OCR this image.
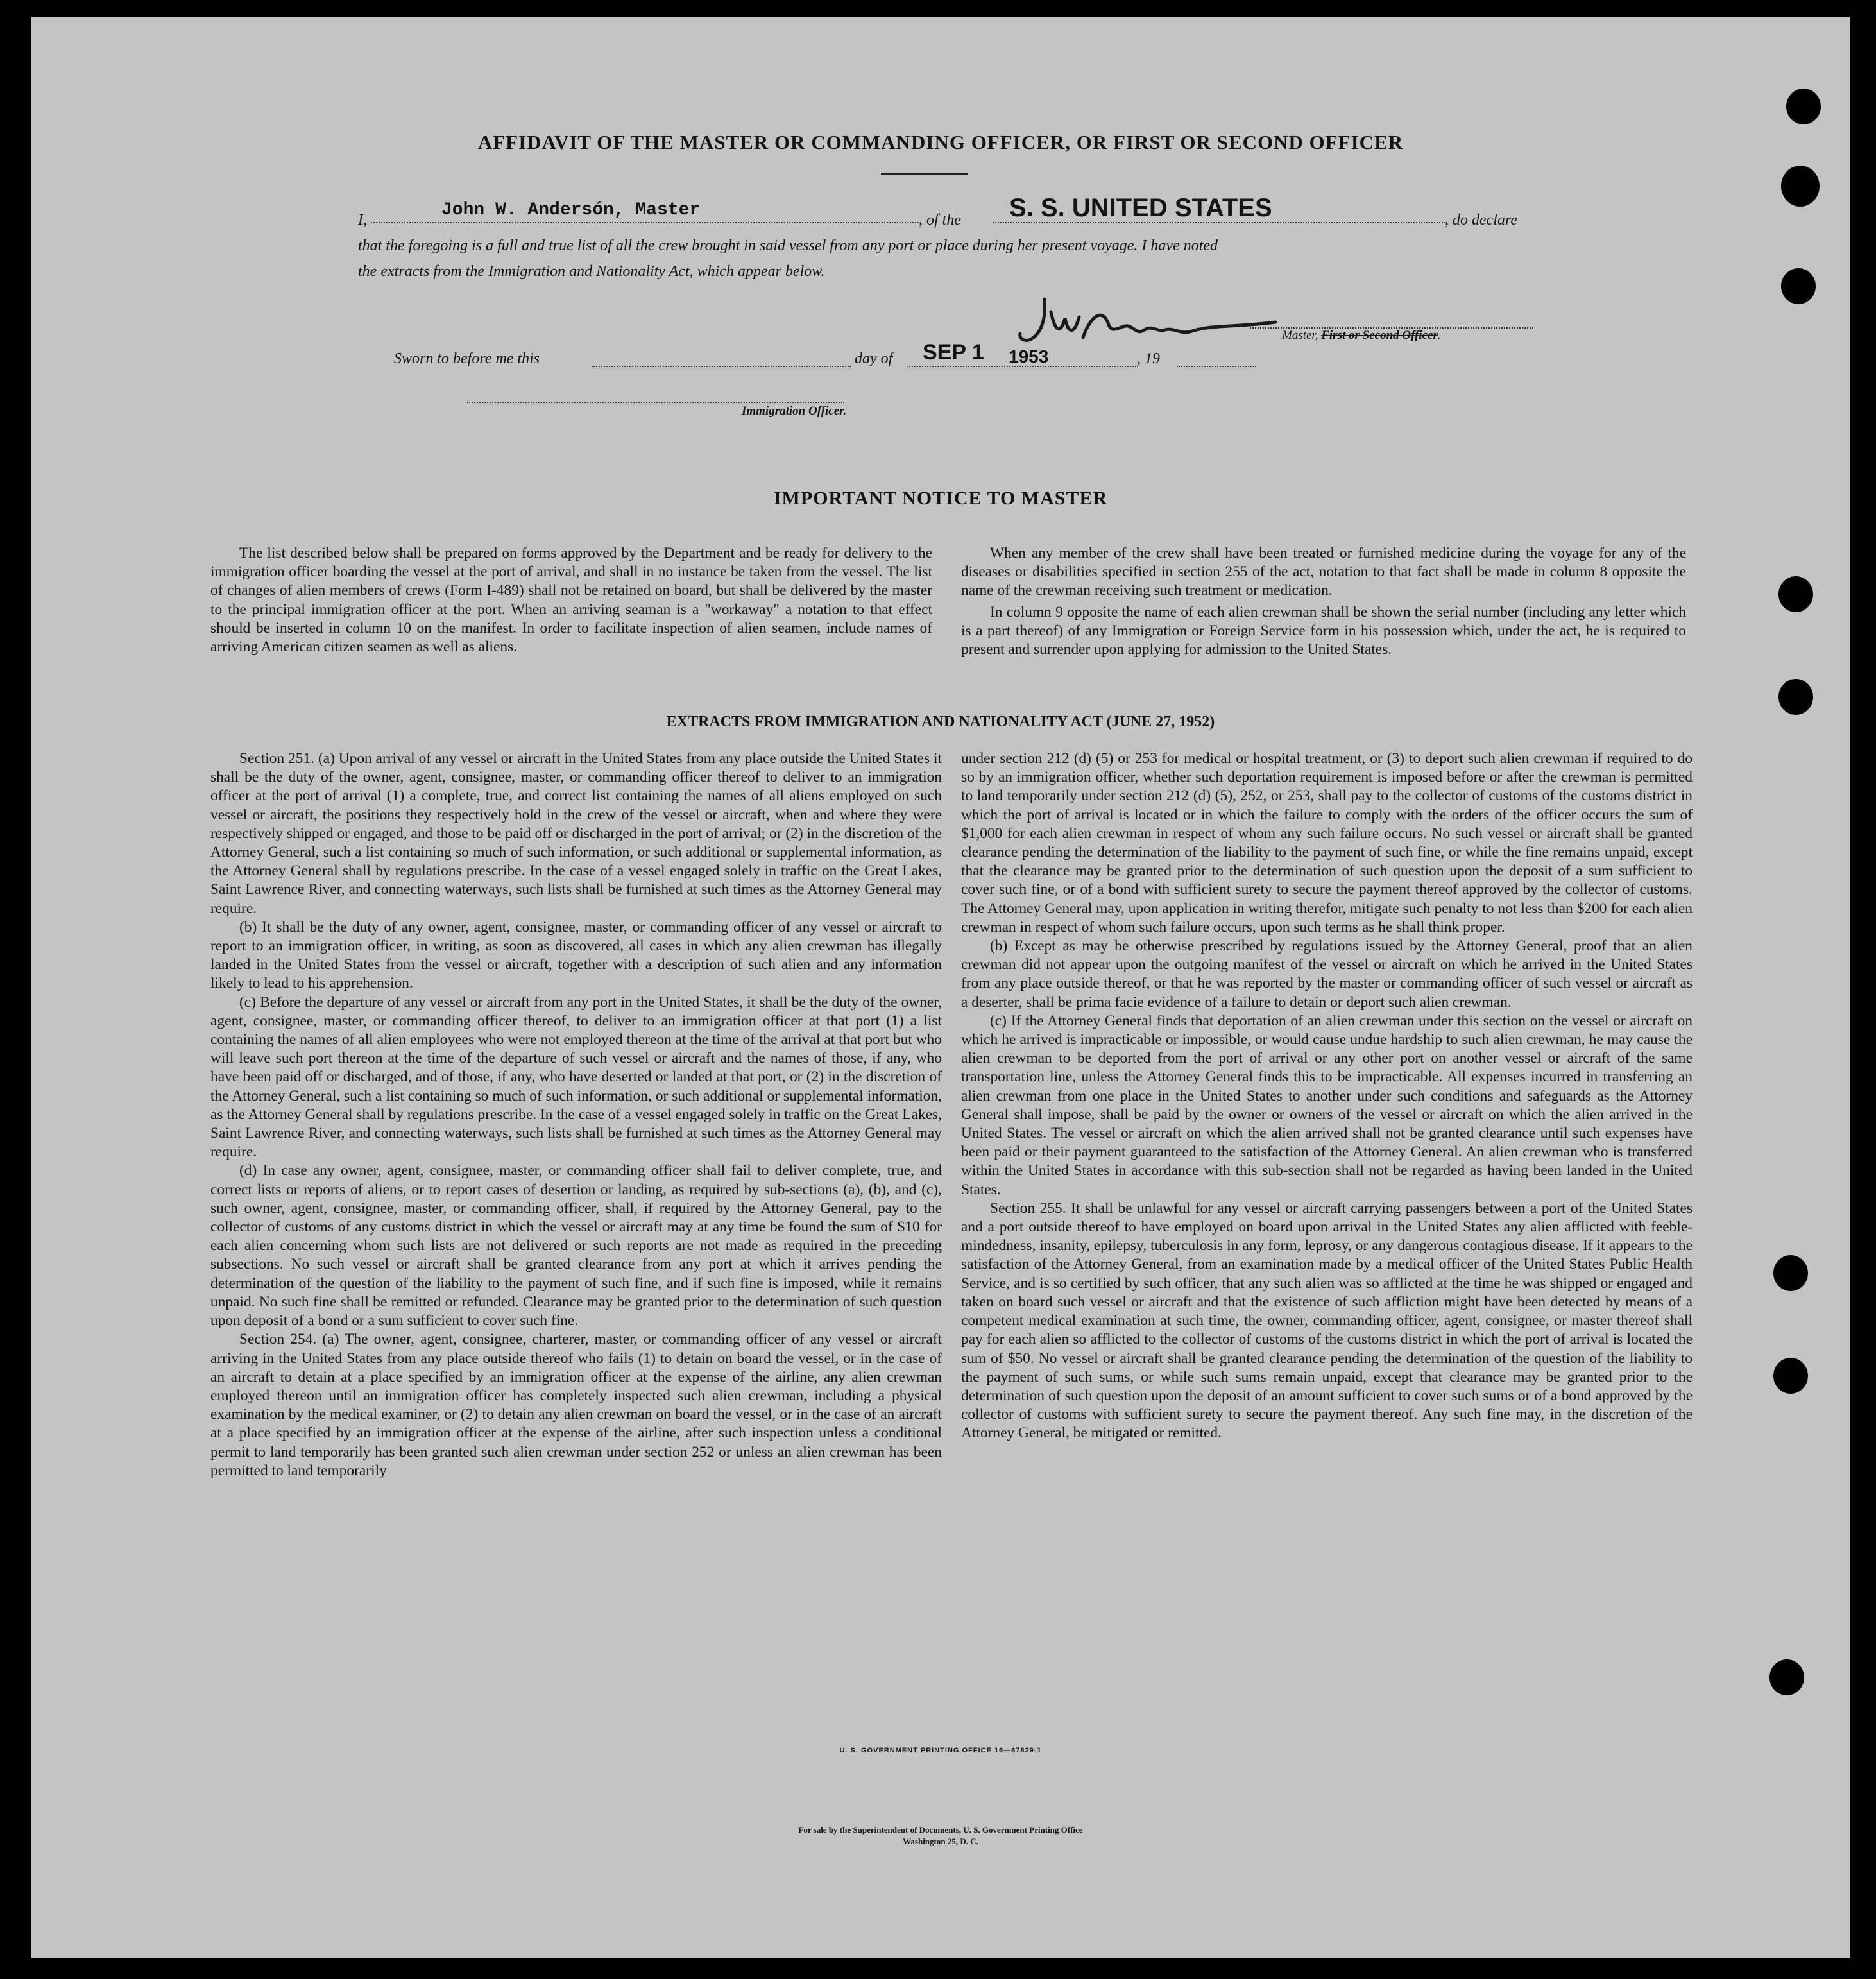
AFFIDAVIT OF THE MASTER OR COMMANDING OFFICER, OR FIRST OR SECOND OFFICER
I,	John W. Andersón, Master	, of the S. S. UNITED STATES	, do declare
that the foregoing is a full and true list of all the crew brought in said vessel from any port or place during her present voyage. I have noted
the extracts from the Immigration and Nationality Act, which appear below.
Master, First or Second Officer.
Sworn to before me this	day of SEP 1 1953	, 19
Immigration Officer.
IMPORTANT NOTICE TO MASTER

The list described below shall be prepared on forms approved by the Department and be ready for delivery to the immigration officer boarding the vessel at the port of arrival, and shall in no instance be taken from the vessel. The list of changes of alien members of crews (Form I-489) shall not be retained on board, but shall be delivered by the master to the principal immigration officer at the port. When an arriving seaman is a "workaway" a notation to that effect should be inserted in column 10 on the manifest. In order to facilitate inspection of alien seamen, include names of arriving American citizen seamen as well as aliens.

When any member of the crew shall have been treated or furnished medicine during the voyage for any of the diseases or disabilities specified in section 255 of the act, notation to that fact shall be made in column 8 opposite the name of the crewman receiving such treatment or medication.

In column 9 opposite the name of each alien crewman shall be shown the serial number (including any letter which is a part thereof) of any Immigration or Foreign Service form in his possession which, under the act, he is required to present and surrender upon applying for admission to the United States.

EXTRACTS FROM IMMIGRATION AND NATIONALITY ACT (JUNE 27, 1952)

Section 251. (a) Upon arrival of any vessel or aircraft in the United States from any place outside the United States it shall be the duty of the owner, agent, consignee, master, or commanding officer thereof to deliver to an immigration officer at the port of arrival (1) a complete, true, and correct list containing the names of all aliens employed on such vessel or aircraft, the positions they respectively hold in the crew of the vessel or aircraft, when and where they were respectively shipped or engaged, and those to be paid off or discharged in the port of arrival; or (2) in the discretion of the Attorney General, such a list containing so much of such information, or such additional or supplemental information, as the Attorney General shall by regulations prescribe. In the case of a vessel engaged solely in traffic on the Great Lakes, Saint Lawrence River, and connecting waterways, such lists shall be furnished at such times as the Attorney General may require.

(b) It shall be the duty of any owner, agent, consignee, master, or commanding officer of any vessel or aircraft to report to an immigration officer, in writing, as soon as discovered, all cases in which any alien crewman has illegally landed in the United States from the vessel or aircraft, together with a description of such alien and any information likely to lead to his apprehension.

(c) Before the departure of any vessel or aircraft from any port in the United States, it shall be the duty of the owner, agent, consignee, master, or commanding officer thereof, to deliver to an immigration officer at that port (1) a list containing the names of all alien employees who were not employed thereon at the time of the arrival at that port but who will leave such port thereon at the time of the departure of such vessel or aircraft and the names of those, if any, who have been paid off or discharged, and of those, if any, who have deserted or landed at that port, or (2) in the discretion of the Attorney General, such a list containing so much of such information, or such additional or supplemental information, as the Attorney General shall by regulations prescribe. In the case of a vessel engaged solely in traffic on the Great Lakes, Saint Lawrence River, and connecting waterways, such lists shall be furnished at such times as the Attorney General may require.

(d) In case any owner, agent, consignee, master, or commanding officer shall fail to deliver complete, true, and correct lists or reports of aliens, or to report cases of desertion or landing, as required by sub-sections (a), (b), and (c), such owner, agent, consignee, master, or commanding officer, shall, if required by the Attorney General, pay to the collector of customs of any customs district in which the vessel or aircraft may at any time be found the sum of $10 for each alien concerning whom such lists are not delivered or such reports are not made as required in the preceding subsections. No such vessel or aircraft shall be granted clearance from any port at which it arrives pending the determination of the question of the liability to the payment of such fine, and if such fine is imposed, while it remains unpaid. No such fine shall be remitted or refunded. Clearance may be granted prior to the determination of such question upon deposit of a bond or a sum sufficient to cover such fine.

Section 254. (a) The owner, agent, consignee, charterer, master, or commanding officer of any vessel or aircraft arriving in the United States from any place outside thereof who fails (1) to detain on board the vessel, or in the case of an aircraft to detain at a place specified by an immigration officer at the expense of the airline, any alien crewman employed thereon until an immigration officer has completely inspected such alien crewman, including a physical examination by the medical examiner, or (2) to detain any alien crewman on board the vessel, or in the case of an aircraft at a place specified by an immigration officer at the expense of the airline, after such inspection unless a conditional permit to land temporarily has been granted such alien crewman under section 252 or unless an alien crewman has been permitted to land temporarily

under section 212 (d) (5) or 253 for medical or hospital treatment, or (3) to deport such alien crewman if required to do so by an immigration officer, whether such deportation requirement is imposed before or after the crewman is permitted to land temporarily under section 212 (d) (5), 252, or 253, shall pay to the collector of customs of the customs district in which the port of arrival is located or in which the failure to comply with the orders of the officer occurs the sum of $1,000 for each alien crewman in respect of whom any such failure occurs. No such vessel or aircraft shall be granted clearance pending the determination of the liability to the payment of such fine, or while the fine remains unpaid, except that the clearance may be granted prior to the determination of such question upon the deposit of a sum sufficient to cover such fine, or of a bond with sufficient surety to secure the payment thereof approved by the collector of customs. The Attorney General may, upon application in writing therefor, mitigate such penalty to not less than $200 for each alien crewman in respect of whom such failure occurs, upon such terms as he shall think proper.

(b) Except as may be otherwise prescribed by regulations issued by the Attorney General, proof that an alien crewman did not appear upon the outgoing manifest of the vessel or aircraft on which he arrived in the United States from any place outside thereof, or that he was reported by the master or commanding officer of such vessel or aircraft as a deserter, shall be prima facie evidence of a failure to detain or deport such alien crewman.

(c) If the Attorney General finds that deportation of an alien crewman under this section on the vessel or aircraft on which he arrived is impracticable or impossible, or would cause undue hardship to such alien crewman, he may cause the alien crewman to be deported from the port of arrival or any other port on another vessel or aircraft of the same transportation line, unless the Attorney General finds this to be impracticable. All expenses incurred in transferring an alien crewman from one place in the United States to another under such conditions and safeguards as the Attorney General shall impose, shall be paid by the owner or owners of the vessel or aircraft on which the alien arrived in the United States. The vessel or aircraft on which the alien arrived shall not be granted clearance until such expenses have been paid or their payment guaranteed to the satisfaction of the Attorney General. An alien crewman who is transferred within the United States in accordance with this sub-section shall not be regarded as having been landed in the United States.

Section 255. It shall be unlawful for any vessel or aircraft carrying passengers between a port of the United States and a port outside thereof to have employed on board upon arrival in the United States any alien afflicted with feeble-mindedness, insanity, epilepsy, tuberculosis in any form, leprosy, or any dangerous contagious disease. If it appears to the satisfaction of the Attorney General, from an examination made by a medical officer of the United States Public Health Service, and is so certified by such officer, that any such alien was so afflicted at the time he was shipped or engaged and taken on board such vessel or aircraft and that the existence of such affliction might have been detected by means of a competent medical examination at such time, the owner, commanding officer, agent, consignee, or master thereof shall pay for each alien so afflicted to the collector of customs of the customs district in which the port of arrival is located the sum of $50. No vessel or aircraft shall be granted clearance pending the determination of the question of the liability to the payment of such sums, or while such sums remain unpaid, except that clearance may be granted prior to the determination of such question upon the deposit of an amount sufficient to cover such sums or of a bond approved by the collector of customs with sufficient surety to secure the payment thereof. Any such fine may, in the discretion of the Attorney General, be mitigated or remitted.

U. S. GOVERNMENT PRINTING OFFICE 16—67829-1
For sale by the Superintendent of Documents, U. S. Government Printing Office
Washington 25, D. C.
